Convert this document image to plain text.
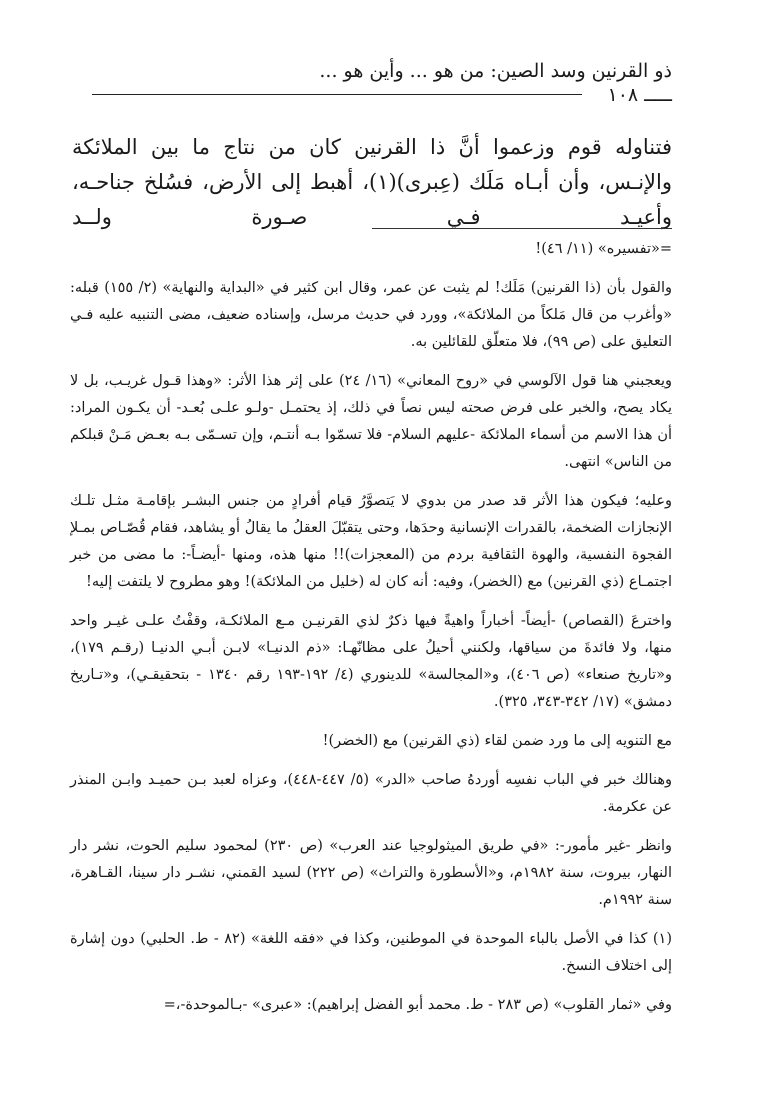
ذو القرنين وسد الصين: من هو ... وأين هو ...
ـــــ ١٠٨
فتناوله قوم وزعموا أنَّ ذا القرنين كان من نتاج ما بين الملائكة والإنـس، وأن أبـاه مَلَك (عِبرى)(١)، أهبط إلى الأرض، فسُلخ جناحـه، وأعيـد فـي صـورة ولــد

=«تفسيره» (١١/ ٤٦)!

والقول بأن (ذا القرنين) مَلَك! لم يثبت عن عمر، وقال ابن كثير في «البداية والنهاية» (٢/ ١٥٥) قبله: «وأغرب من قال مَلكاً من الملائكة»، وورد في حديث مرسل، وإسناده ضعيف، مضى التنبيه عليه فـي التعليق على (ص ٩٩)، فلا متعلّق للقائلين به.

ويعجبني هنا قول الآلوسي في «روح المعاني» (١٦/ ٢٤) على إثر هذا الأثر: «وهذا قـول غريـب، بل لا يكاد يصح، والخبر على فرض صحته ليس نصاً في ذلك، إذ يحتمـل -ولـو علـى بُعـد- أن يكـون المراد: أن هذا الاسم من أسماء الملائكة -عليهم السلام- فلا تسمّوا بـه أنتـم، وإن تسـمّى بـه بعـض مَـنْ قبلكم من الناس» انتهى.

وعليه؛ فيكون هذا الأثر قد صدر من بدوي لا يَتصوَّرُ قيام أفرادٍ من جنس البشـر بإقامـة مثـل تلـك الإنجازات الضخمة، بالقدرات الإنسانية وحدَها، وحتى يتقبّلَ العقلُ ما يقالُ أو يشاهد، فقام قُصّـاص بمـلإ الفجوة النفسية، والهوة الثقافية بردم من (المعجزات)!! منها هذه، ومنها -أيضـاً-: ما مضى من خبر اجتمـاع (ذي القرنين) مع (الخضر)، وفيه: أنه كان له (خليل من الملائكة)! وهو مطروح لا يلتفت إليه!

واخترعَ (القصاص) -أيضاً- أخباراً واهيةً فيها ذكرٌ لذي القرنيـن مـع الملائكـة، وقفْتُ علـى غيـر واحد منها، ولا فائدةَ من سياقها، ولكنني أحيلُ على مظانّهـا: «ذم الدنيـا» لابـن أبـي الدنيـا (رقـم ١٧٩)، و«تاريخ صنعاء» (ص ٤٠٦)، و«المجالسة» للدينوري (٤/ ١٩٢-١٩٣ رقم ١٣٤٠ - بتحقيقـي)، و«تـاريخ دمشق» (١٧/ ٣٤٢-٣٤٣، ٣٢٥).

مع التنويه إلى ما ورد ضمن لقاء (ذي القرنين) مع (الخضر)!

وهنالك خبر في الباب نفسِه أوردهُ صاحب «الدر» (٥/ ٤٤٧-٤٤٨)، وعزاه لعبد بـن حميـد وابـن المنذر عن عكرمة.

وانظر -غير مأمور-: «في طريق الميثولوجيا عند العرب» (ص ٢٣٠) لمحمود سليم الحوت، نشر دار النهار، بيروت، سنة ١٩٨٢م، و«الأسطورة والتراث» (ص ٢٢٢) لسيد القمني، نشـر دار سينا، القـاهرة، سنة ١٩٩٢م.

(١) كذا في الأصل بالباء الموحدة في الموطنين، وكذا في «فقه اللغة» (٨٢ - ط. الحلبي) دون إشارة إلى اختلاف النسخ.

وفي «ثمار القلوب» (ص ٢٨٣ - ط. محمد أبو الفضل إبراهيم): «عبرى» -بـالموحدة-،=
